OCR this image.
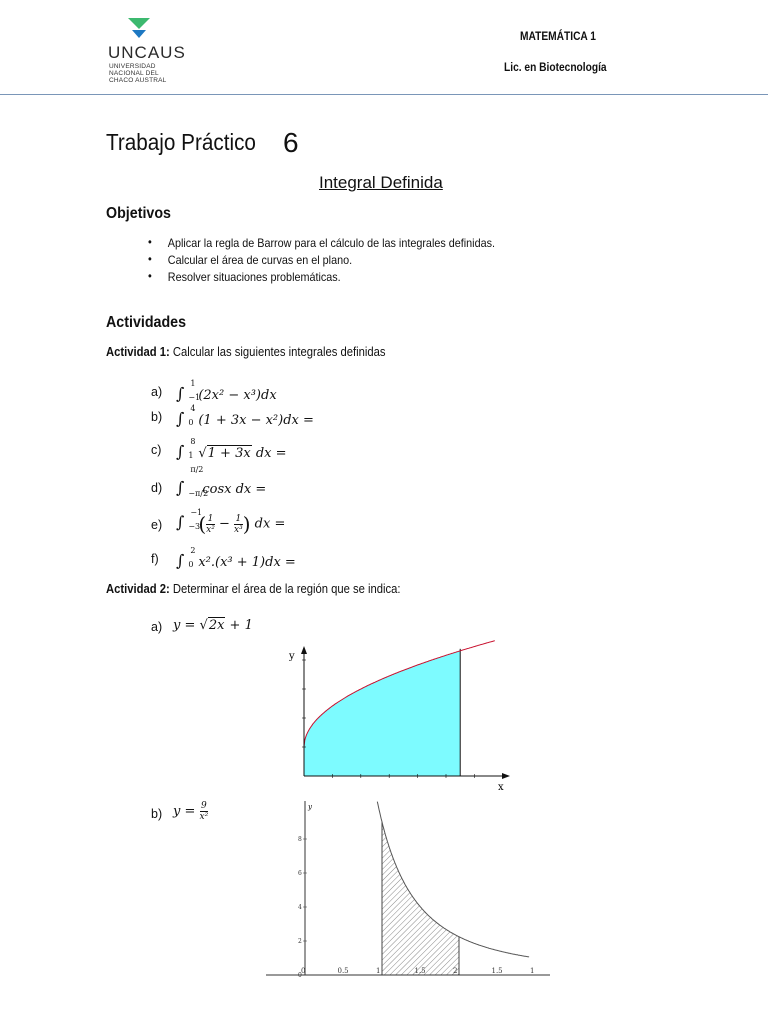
UNCAUS
UNIVERSIDAD
NACIONAL DEL
CHACO AUSTRAL
MATEMÁTICA 1
Lic. en Biotecnología
Trabajo Práctico 6
Integral Definida
Objetivos
• Aplicar la regla de Barrow para el cálculo de las integrales definidas.
• Calcular el área de curvas en el plano.
• Resolver situaciones problemáticas.
Actividades
Actividad 1: Calcular las siguientes integrales definidas
a) ∫
1
−1
(2x² − x³)dx
b) ∫
4
0 (1 + 3x − x²)dx =
c) ∫
8
1 √1 + 3x dx =
d) ∫
π/2
−π/2
cosx dx =
e) ∫
−1
−3
( $\frac{1}{\text{x²}} - \frac{1}{\text{x³}}$ ) dx =
f) ∫
2
0 x².(x³ + 1)dx =
Actividad 2: Determinar el área de la región que se indica:
a) y = √2x + 1
b) $y = \frac{9}{\text{x²}}$
y
x
y
0	0.5	1	1.5	2	1.5	1
8
6
4
2
0
